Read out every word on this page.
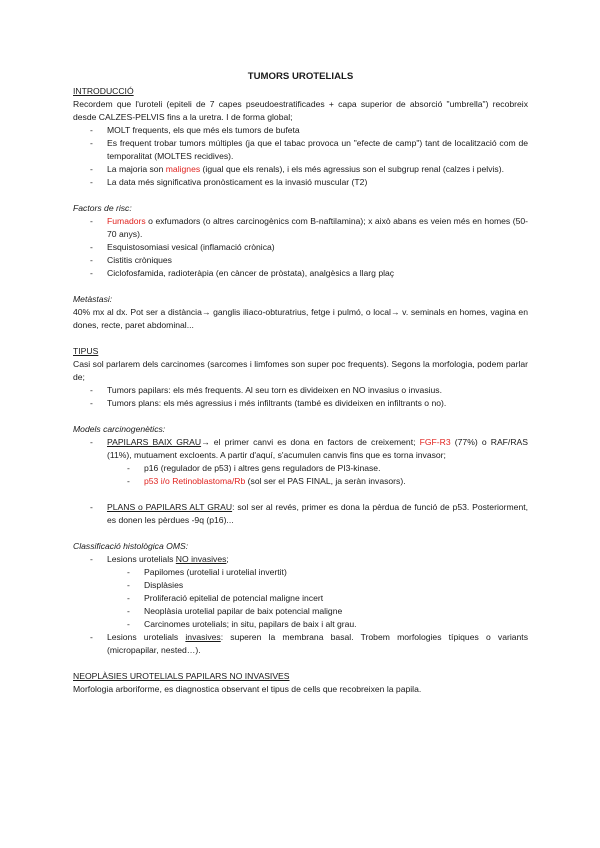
TUMORS UROTELIALS
INTRODUCCIÓ
Recordem que l'uroteli (epiteli de 7 capes pseudoestratificades + capa superior de absorció "umbrella") recobreix desde CALZES-PELVIS fins a la uretra. I de forma global;
- MOLT frequents, els que més els tumors de bufeta
- Es frequent trobar tumors múltiples (ja que el tabac provoca un "efecte de camp") tant de localització com de temporalitat (MOLTES recidives).
- La majoria son malignes (igual que els renals), i els més agressius son el subgrup renal (calzes i pelvis).
- La data més significativa pronòsticament es la invasió muscular (T2)
Factors de risc:
- Fumadors o exfumadors (o altres carcinogènics com B-naftilamina); x això abans es veien més en homes (50-70 anys).
- Esquistosomiasi vesical (inflamació crònica)
- Cistitis cròniques
- Ciclofosfamida, radioteràpia (en càncer de pròstata), analgèsics a llarg plaç
Metàstasi:
40% mx al dx. Pot ser a distància→ ganglis iliaco-obturatrius, fetge i pulmó, o local→ v. seminals en homes, vagina en dones, recte, paret abdominal...
TIPUS
Casi sol parlarem dels carcinomes (sarcomes i limfomes son super poc frequents). Segons la morfologia, podem parlar de;
- Tumors papilars: els més frequents. Al seu torn es divideixen en NO invasius o invasius.
- Tumors plans: els més agressius i més infiltrants (també es divideixen en infiltrants o no).
Models carcinogenètics:
- PAPILARS BAIX GRAU→ el primer canvi es dona en factors de creixement; FGF-R3 (77%) o RAF/RAS (11%), mutuament excloents. A partir d'aquí, s'acumulen canvis fins que es torna invasor;
- p16 (regulador de p53) i altres gens reguladors de PI3-kinase.
- p53 i/o Retinoblastoma/Rb (sol ser el PAS FINAL, ja seràn invasors).
- PLANS o PAPILARS ALT GRAU: sol ser al revés, primer es dona la pèrdua de funció de p53. Posteriorment, es donen les pèrdues -9q (p16)...
Classificació histològica OMS:
- Lesions urotelials NO invasives;
- Papilomes (urotelial i urotelial invertit)
- Displàsies
- Proliferació epitelial de potencial maligne incert
- Neoplàsia urotelial papilar de baix potencial maligne
- Carcinomes urotelials; in situ, papilars de baix i alt grau.
- Lesions urotelials invasives: superen la membrana basal. Trobem morfologies típiques o variants (micropapilar, nested…).
NEOPLÀSIES UROTELIALS PAPILARS NO INVASIVES
Morfologia arboriforme, es diagnostica observant el tipus de cells que recobreixen la papila.
